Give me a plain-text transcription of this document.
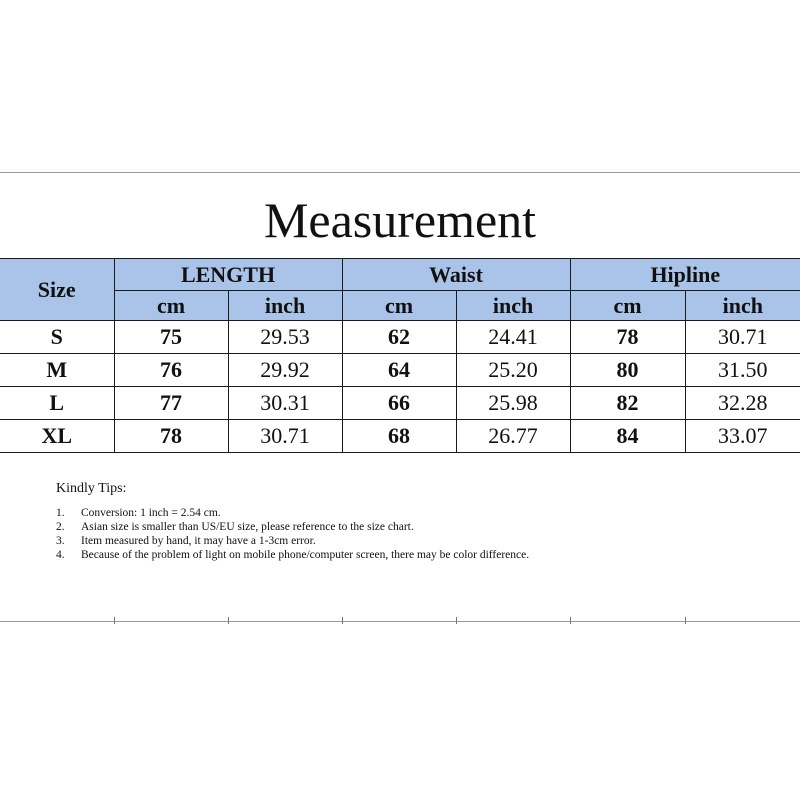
Measurement
Size	LENGTH		Waist		Hipline	
	cm	inch	cm	inch	cm	inch
S	75	29.53	62	24.41	78	30.71
M	76	29.92	64	25.20	80	31.50
L	77	30.31	66	25.98	82	32.28
XL	78	30.71	68	26.77	84	33.07
Kindly Tips:
1.	Conversion: 1 inch = 2.54 cm.
2.	Asian size is smaller than US/EU size, please reference to the size chart.
3.	Item measured by hand, it may have a 1-3cm error.
4.	Because of the problem of light on mobile phone/computer screen, there may be color difference.
